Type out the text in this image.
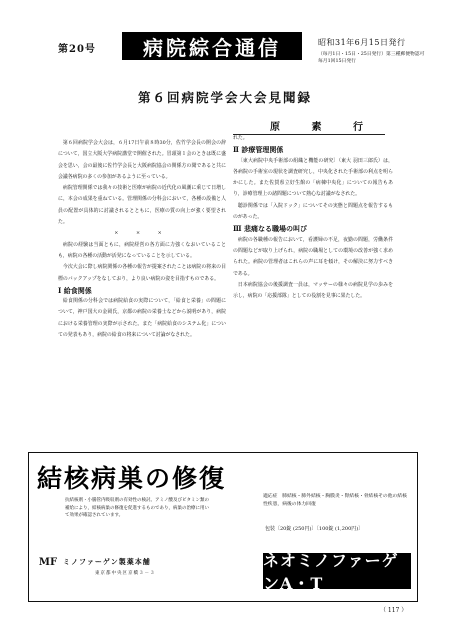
第20号	病院綜合通信	昭和31年6月15日発行
（毎月1日・15日・25日発行）第三種郵便物認可
毎月1回15日発行
第６回病院学会大会見聞録
原 素 行

第６回病院学会大会は，６月17日午前８時30分，佐竹学会長の開会の辞について，国立大阪大学病院講堂で開催された。冒頭第１会のときは既に盛会を思い，会の最後に佐竹学会長と大阪病院協会の関係方の聞であると共に会議各病院の多くの参加があるように至っている。

病院管理関係では我々の技術と医療が病院の近代化の風潮に乗じて日増しに，本会の成果を重ねている。管理関係の分科会において，各種の設備と人員の配置が具体的に討議されるとともに，医療の質の向上が強く要望された。

× × ×

病院の経験は当面ともに，病院経営の各方面に力強くなおいていることも，病院の各種の活動が活発になっていることを示している。

今次大会に際し病院関係の各種の報告が提案されたことは病院の将来の目標のバックアップをなしており，より良い病院の姿を目指すものである。

Ⅰ 給食関係

給食関係の分科会では病院給食の実際について，「給食と栄養」の問題について，神戸国大の金岡氏，京都の病院の栄養士などから説明があり，病院における栄養管理の実際が示された。また「病院給食のシステム化」についての発表もあり，病院の給食の将来について討論がなされた。

れた。

Ⅱ 診療管理関係

〔東大病院中央手術部の組織と機能の研究〕（東大 羽田三郎氏）は，各病院の手術室の現状を調査研究し，中央化された手術部の利点を明らかにした。また佐賀県立好生館の「病棟中央化」についての報告もあり，診療管理上の諸問題について熱心な討議がなされた。

聴診関係では「入院ドック」についてその実態と問題点を報告するものがあった。

Ⅲ 悲痛なる職場の叫び

病院の各職種の報告において，看護婦の不足，夜勤の問題，労働条件の問題などが取り上げられ，病院の職場としての環境の改善が強く求められた。病院の管理者はこれらの声に耳を傾け，その解決に努力すべきである。

日本病院協会の後援調査一員は，マッサーの様々の病院見学の歩みを示し，病院の「応援部隊」としての役割を見事に果たした。

結核病巣の修復
抗結核剤・小腸管内吸収剤の有効性の検討。アミノ酸及びビタミン類の補給により，結核病巣の修復を促進するものであり，病巣の治療に用いて効果が確認されています。
適応症　肺結核・肺外結核・胸膜炎・腎結核・骨結核その他の結核性疾患，病後の体力回復
包装〔20錠 (250円)〕〔100錠 (1,200円)〕
MF ミノファーゲン製薬本舗
東京都中央区京橋３－３
ネオミノファーゲンA・T
（ 117 ）
